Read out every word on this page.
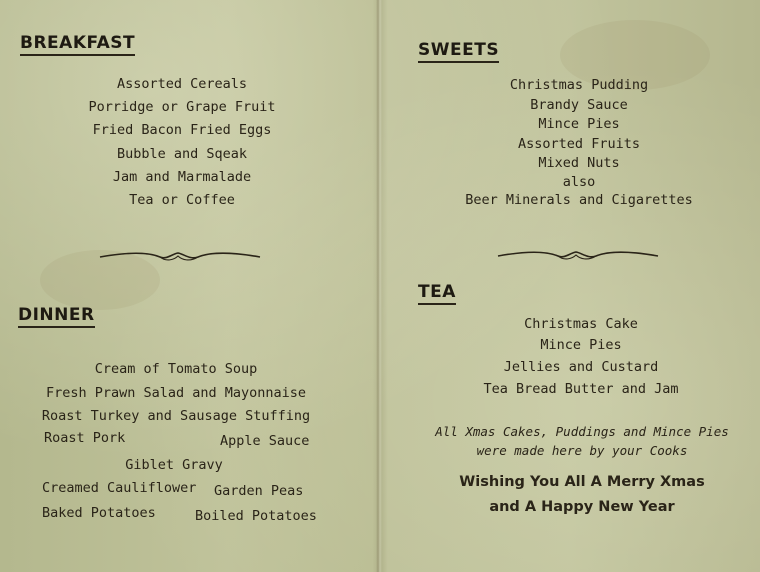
BREAKFAST
Assorted Cereals
Porridge or Grape Fruit
Fried Bacon Fried Eggs
Bubble and Sqeak
Jam and Marmalade
Tea or Coffee
DINNER
Cream of Tomato Soup
Fresh Prawn Salad and Mayonnaise
Roast Turkey and Sausage Stuffing
Roast Pork	Apple Sauce
Giblet Gravy
Creamed Cauliflower Garden Peas
Baked Potatoes	Boiled Potatoes
SWEETS
Christmas Pudding
Brandy Sauce
Mince Pies
Assorted Fruits
Mixed Nuts
also
Beer Minerals and Cigarettes
TEA
Christmas Cake
Mince Pies
Jellies and Custard
Tea Bread Butter and Jam
All Xmas Cakes, Puddings and Mince Pies
were made here by your Cooks
Wishing You All A Merry Xmas
and A Happy New Year
